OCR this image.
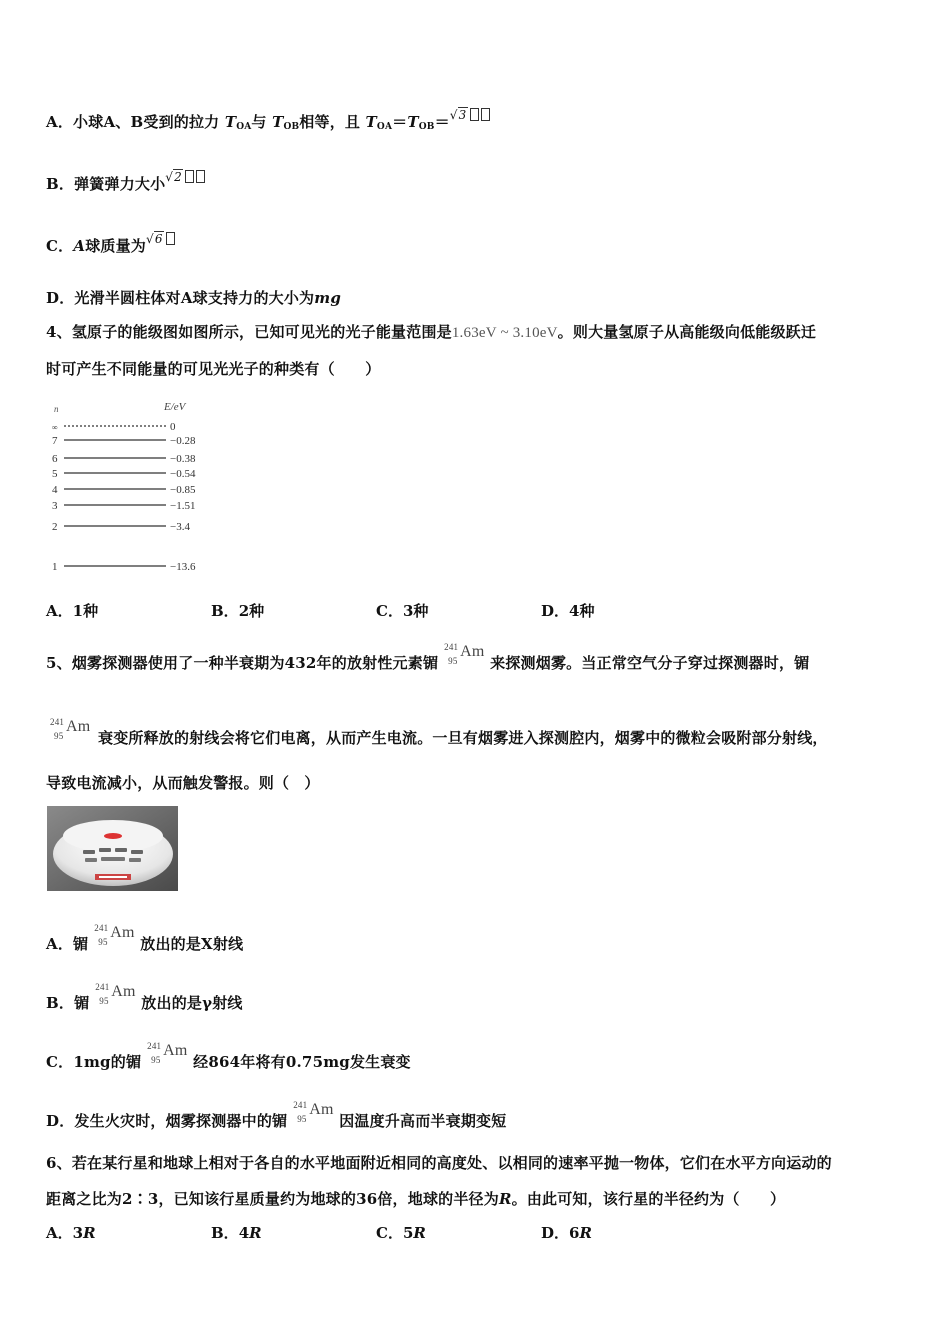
A．小球A、B受到的拉力 $T_{OA}$与 $T_{OB}$相等，且 $T_{OA}=T_{OB}=√3$
B．弹簧弹力大小√2
C．A球质量为√6
D．光滑半圆柱体对A球支持力的大小为mg
4、氢原子的能级图如图所示，已知可见光的光子能量范围是1.63eV ~ 3.10eV。则大量氢原子从高能级向低能级跃迁
时可产生不同能量的可见光光子的种类有（　　）
n	E/eV
∞	0
7	−0.28
6	−0.38
5	−0.54
4	−0.85
3	−1.51
2	−3.4
1	−13.6
A．1种	B．2种	C．3种	D．4种
5、烟雾探测器使用了一种半衰期为432年的放射性元素镅
241
95
Am
来探测烟雾。当正常空气分子穿过探测器时，镅
241
95
Am
衰变所释放的射线会将它们电离，从而产生电流。一旦有烟雾进入探测腔内，烟雾中的微粒会吸附部分射线，
导致电流减小，从而触发警报。则（　）
A．镅
241
95
Am
放出的是X射线
B．镅
241
95
Am
放出的是γ射线
C．1mg的镅
241
95
Am
经864年将有0.75mg发生衰变
D．发生火灾时，烟雾探测器中的镅
241
95
Am
因温度升高而半衰期变短
6、若在某行星和地球上相对于各自的水平地面附近相同的高度处、以相同的速率平抛一物体，它们在水平方向运动的
距离之比为2∶3，已知该行星质量约为地球的36倍，地球的半径为R。由此可知，该行星的半径约为（　　）
A．3R	B．4R	C．5R	D．6R
